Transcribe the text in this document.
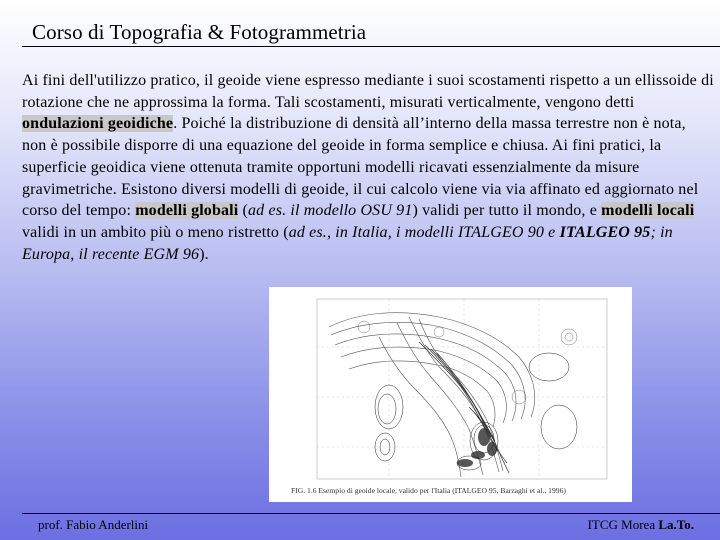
Corso di Topografia & Fotogrammetria
Ai fini dell'utilizzo pratico, il geoide viene espresso mediante i suoi scostamenti rispetto a un ellissoide di rotazione che ne approssima la forma. Tali scostamenti, misurati verticalmente, vengono detti ondulazioni geoidiche. Poiché la distribuzione di densità all’interno della massa terrestre non è nota, non è possibile disporre di una equazione del geoide in forma semplice e chiusa. Ai fini pratici, la superficie geoidica viene ottenuta tramite opportuni modelli ricavati essenzialmente da misure gravimetriche. Esistono diversi modelli di geoide, il cui calcolo viene via via affinato ed aggiornato nel corso del tempo: modelli globali (ad es. il modello OSU 91) validi per tutto il mondo, e modelli locali validi in un ambito più o meno ristretto (ad es., in Italia, i modelli ITALGEO 90 e ITALGEO 95; in Europa, il recente EGM 96).
FIG. 1.6 Esempio di geoide locale, valido per l'Italia (ITALGEO 95, Barzaghi et al., 1996)
prof. Fabio Anderlini	ITCG Morea La.To.
